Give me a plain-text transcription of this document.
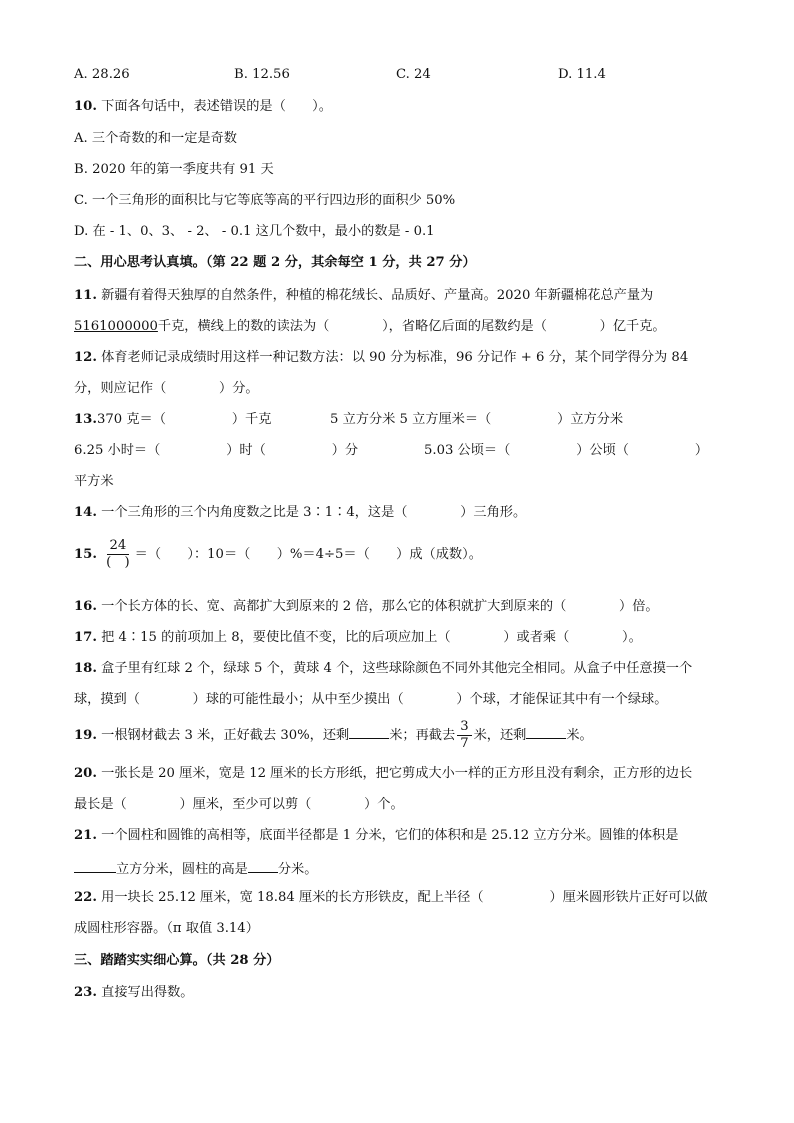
A. 28.26	B. 12.56	C. 24	D. 11.4
10. 下面各句话中，表述错误的是（　　）。
A. 三个奇数的和一定是奇数
B. 2020 年的第一季度共有 91 天
C. 一个三角形的面积比与它等底等高的平行四边形的面积少 50%
D. 在 - 1、0、3、 - 2、 - 0.1 这几个数中，最小的数是 - 0.1
二、用心思考认真填。（第 22 题 2 分，其余每空 1 分，共 27 分）
11. 新疆有着得天独厚的自然条件，种植的棉花绒长、品质好、产量高。2020 年新疆棉花总产量为
5161000000千克，横线上的数的读法为（　　　　），省略亿后面的尾数约是（　　　　）亿千克。
12. 体育老师记录成绩时用这样一种记数方法：以 90 分为标准，96 分记作 + 6 分，某个同学得分为 84
分，则应记作（　　　　）分。
13.370 克＝（　　　　　）千克	5 立方分米 5 立方厘米＝（　　　　　）立方分米
6.25 小时＝（　　　　　）时（　　　　　）分	5.03 公顷＝（　　　　　）公顷（　　　　　）
平方米
14. 一个三角形的三个内角度数之比是 3∶1∶4，这是（　　　　）三角形。
15. $\frac{24}{( )}$ ＝（　　）：10＝（　　）%＝4÷5＝（　　）成（成数）。
16. 一个长方体的长、宽、高都扩大到原来的 2 倍，那么它的体积就扩大到原来的（　　　　）倍。
17. 把 4∶15 的前项加上 8，要使比值不变，比的后项应加上（　　　　）或者乘（　　　　）。
18. 盒子里有红球 2 个，绿球 5 个，黄球 4 个，这些球除颜色不同外其他完全相同。从盒子中任意摸一个
球，摸到（　　　　）球的可能性最小；从中至少摸出（　　　　）个球，才能保证其中有一个绿球。
19. 一根钢材截去 3 米，正好截去 30%，还剩	米；再截去 $\frac{3}{7}$ 米，还剩	米。
20. 一张长是 20 厘米，宽是 12 厘米的长方形纸，把它剪成大小一样的正方形且没有剩余，正方形的边长
最长是（　　　　）厘米，至少可以剪（　　　　）个。
21. 一个圆柱和圆锥的高相等，底面半径都是 1 分米，它们的体积和是 25.12 立方分米。圆锥的体积是
立方分米，圆柱的高是 分米。
22. 用一块长 25.12 厘米，宽 18.84 厘米的长方形铁皮，配上半径（　　　　　）厘米圆形铁片正好可以做
成圆柱形容器。（π 取值 3.14）
三、踏踏实实细心算。（共 28 分）
23. 直接写出得数。
